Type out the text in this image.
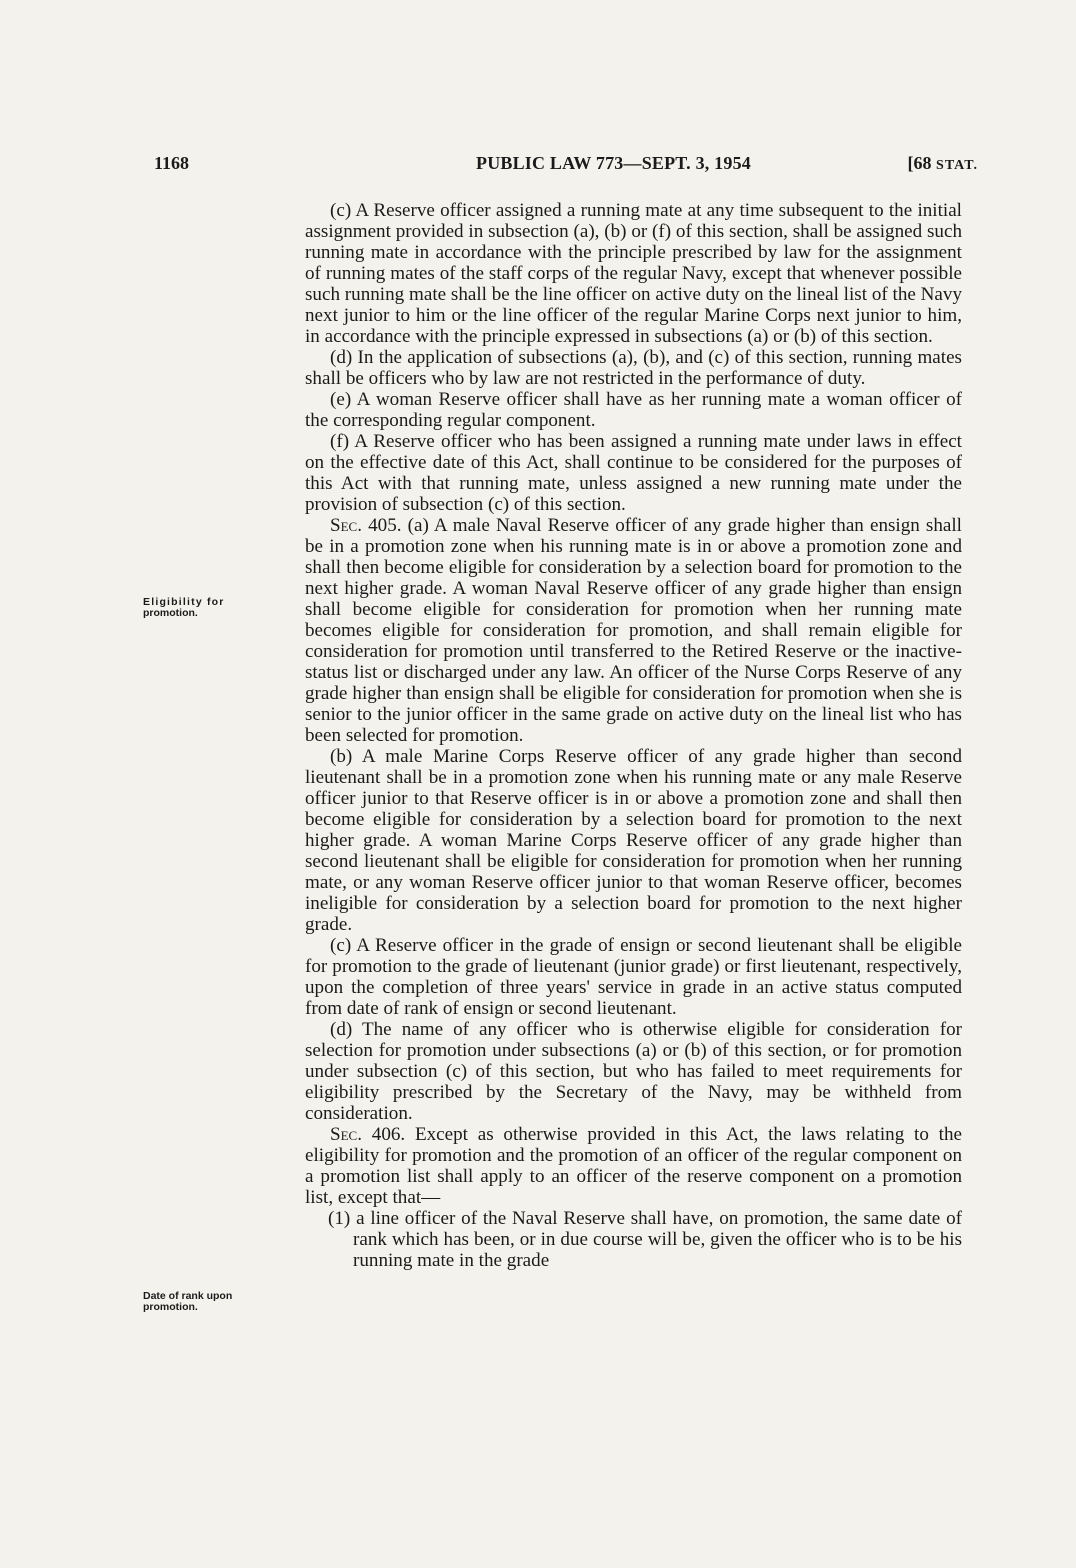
1168	PUBLIC LAW 773—SEPT. 3, 1954	[68 STAT.
Eligibility for
promotion.
Date of rank upon
promotion.

(c) A Reserve officer assigned a running mate at any time subsequent to the initial assignment provided in subsection (a), (b) or (f) of this section, shall be assigned such running mate in accordance with the principle prescribed by law for the assignment of running mates of the staff corps of the regular Navy, except that whenever possible such running mate shall be the line officer on active duty on the lineal list of the Navy next junior to him or the line officer of the regular Marine Corps next junior to him, in accordance with the principle expressed in subsections (a) or (b) of this section.

(d) In the application of subsections (a), (b), and (c) of this section, running mates shall be officers who by law are not restricted in the performance of duty.

(e) A woman Reserve officer shall have as her running mate a woman officer of the corresponding regular component.

(f) A Reserve officer who has been assigned a running mate under laws in effect on the effective date of this Act, shall continue to be considered for the purposes of this Act with that running mate, unless assigned a new running mate under the provision of subsection (c) of this section.

Sec. 405. (a) A male Naval Reserve officer of any grade higher than ensign shall be in a promotion zone when his running mate is in or above a promotion zone and shall then become eligible for consideration by a selection board for promotion to the next higher grade. A woman Naval Reserve officer of any grade higher than ensign shall become eligible for consideration for promotion when her running mate becomes eligible for consideration for promotion, and shall remain eligible for consideration for promotion until transferred to the Retired Reserve or the inactive-status list or discharged under any law. An officer of the Nurse Corps Reserve of any grade higher than ensign shall be eligible for consideration for promotion when she is senior to the junior officer in the same grade on active duty on the lineal list who has been selected for promotion.

(b) A male Marine Corps Reserve officer of any grade higher than second lieutenant shall be in a promotion zone when his running mate or any male Reserve officer junior to that Reserve officer is in or above a promotion zone and shall then become eligible for consideration by a selection board for promotion to the next higher grade. A woman Marine Corps Reserve officer of any grade higher than second lieutenant shall be eligible for consideration for promotion when her running mate, or any woman Reserve officer junior to that woman Reserve officer, becomes ineligible for consideration by a selection board for promotion to the next higher grade.

(c) A Reserve officer in the grade of ensign or second lieutenant shall be eligible for promotion to the grade of lieutenant (junior grade) or first lieutenant, respectively, upon the completion of three years' service in grade in an active status computed from date of rank of ensign or second lieutenant.

(d) The name of any officer who is otherwise eligible for consideration for selection for promotion under subsections (a) or (b) of this section, or for promotion under subsection (c) of this section, but who has failed to meet requirements for eligibility prescribed by the Secretary of the Navy, may be withheld from consideration.

Sec. 406. Except as otherwise provided in this Act, the laws relating to the eligibility for promotion and the promotion of an officer of the regular component on a promotion list shall apply to an officer of the reserve component on a promotion list, except that—

(1) a line officer of the Naval Reserve shall have, on promotion, the same date of rank which has been, or in due course will be, given the officer who is to be his running mate in the grade
